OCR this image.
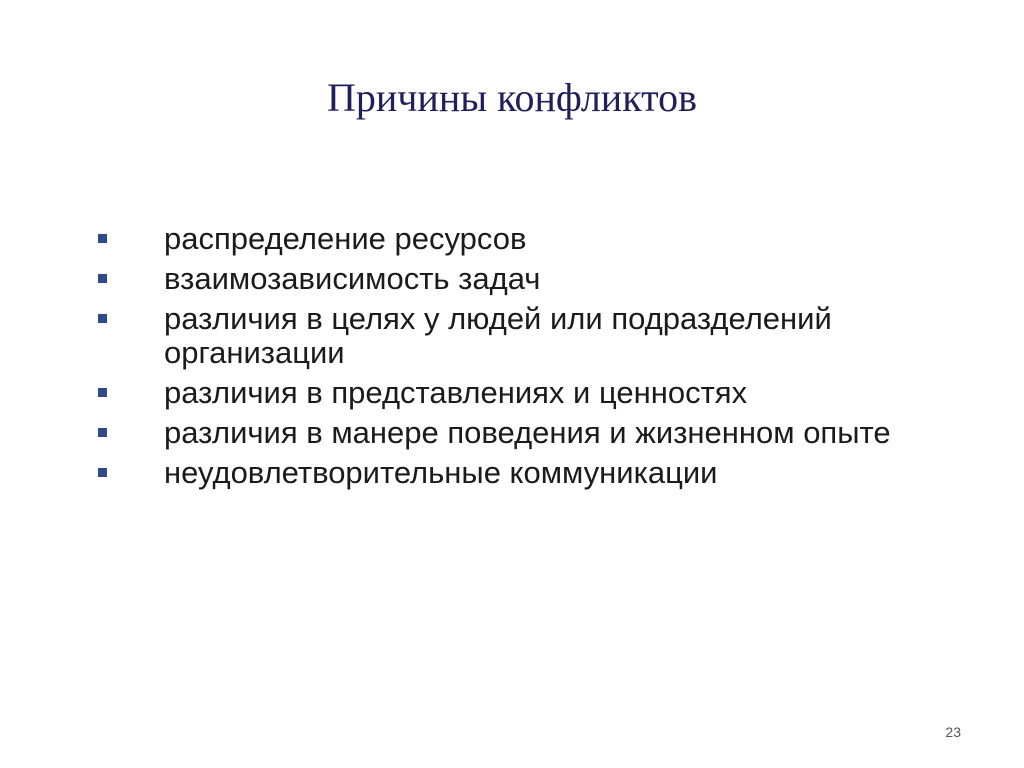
Причины конфликтов
распределение ресурсов
взаимозависимость задач
различия в целях у людей или подразделений организации
различия в представлениях и ценностях
различия в манере поведения и жизненном опыте
неудовлетворительные коммуникации
23
